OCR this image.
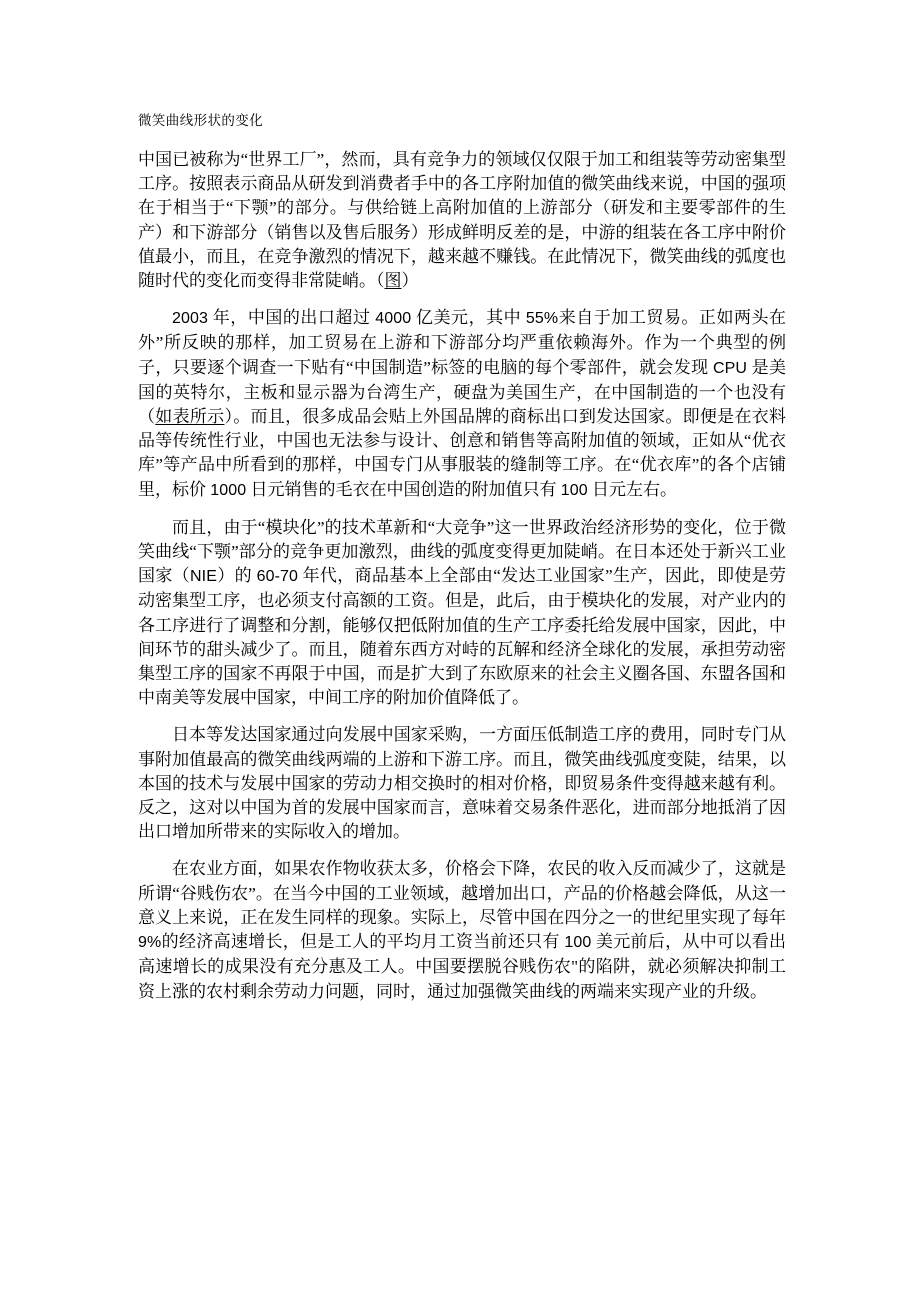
微笑曲线形状的变化

中国已被称为“世界工厂”，然而，具有竞争力的领域仅仅限于加工和组装等劳动密集型工序。按照表示商品从研发到消费者手中的各工序附加值的微笑曲线来说，中国的强项在于相当于“下颚”的部分。与供给链上高附加值的上游部分（研发和主要零部件的生产）和下游部分（销售以及售后服务）形成鲜明反差的是，中游的组装在各工序中附价值最小，而且，在竞争激烈的情况下，越来越不赚钱。在此情况下，微笑曲线的弧度也随时代的变化而变得非常陡峭。（图）

2003 年，中国的出口超过 4000 亿美元，其中 55%来自于加工贸易。正如两头在外”所反映的那样，加工贸易在上游和下游部分均严重依赖海外。作为一个典型的例子，只要逐个调查一下贴有“中国制造”标签的电脑的每个零部件，就会发现 CPU 是美国的英特尔，主板和显示器为台湾生产，硬盘为美国生产，在中国制造的一个也没有（如表所示）。而且，很多成品会贴上外国品牌的商标出口到发达国家。即便是在衣料品等传统性行业，中国也无法参与设计、创意和销售等高附加值的领域，正如从“优衣库”等产品中所看到的那样，中国专门从事服装的缝制等工序。在“优衣库”的各个店铺里，标价 1000 日元销售的毛衣在中国创造的附加值只有 100 日元左右。

而且，由于“模块化”的技术革新和“大竞争”这一世界政治经济形势的变化，位于微笑曲线“下颚”部分的竞争更加激烈，曲线的弧度变得更加陡峭。在日本还处于新兴工业国家（NIE）的 60-70 年代，商品基本上全部由“发达工业国家”生产，因此，即使是劳动密集型工序，也必须支付高额的工资。但是，此后，由于模块化的发展，对产业内的各工序进行了调整和分割，能够仅把低附加值的生产工序委托给发展中国家，因此，中间环节的甜头减少了。而且，随着东西方对峙的瓦解和经济全球化的发展，承担劳动密集型工序的国家不再限于中国，而是扩大到了东欧原来的社会主义圈各国、东盟各国和中南美等发展中国家，中间工序的附加价值降低了。

日本等发达国家通过向发展中国家采购，一方面压低制造工序的费用，同时专门从事附加值最高的微笑曲线两端的上游和下游工序。而且，微笑曲线弧度变陡，结果，以本国的技术与发展中国家的劳动力相交换时的相对价格，即贸易条件变得越来越有利。反之，这对以中国为首的发展中国家而言，意味着交易条件恶化，进而部分地抵消了因出口增加所带来的实际收入的增加。

在农业方面，如果农作物收获太多，价格会下降，农民的收入反而减少了，这就是所谓“谷贱伤农”。在当今中国的工业领域，越增加出口，产品的价格越会降低，从这一意义上来说，正在发生同样的现象。实际上，尽管中国在四分之一的世纪里实现了每年 9%的经济高速增长，但是工人的平均月工资当前还只有 100 美元前后，从中可以看出高速增长的成果没有充分惠及工人。中国要摆脱谷贱伤农"的陷阱，就必须解决抑制工资上涨的农村剩余劳动力问题，同时，通过加强微笑曲线的两端来实现产业的升级。
